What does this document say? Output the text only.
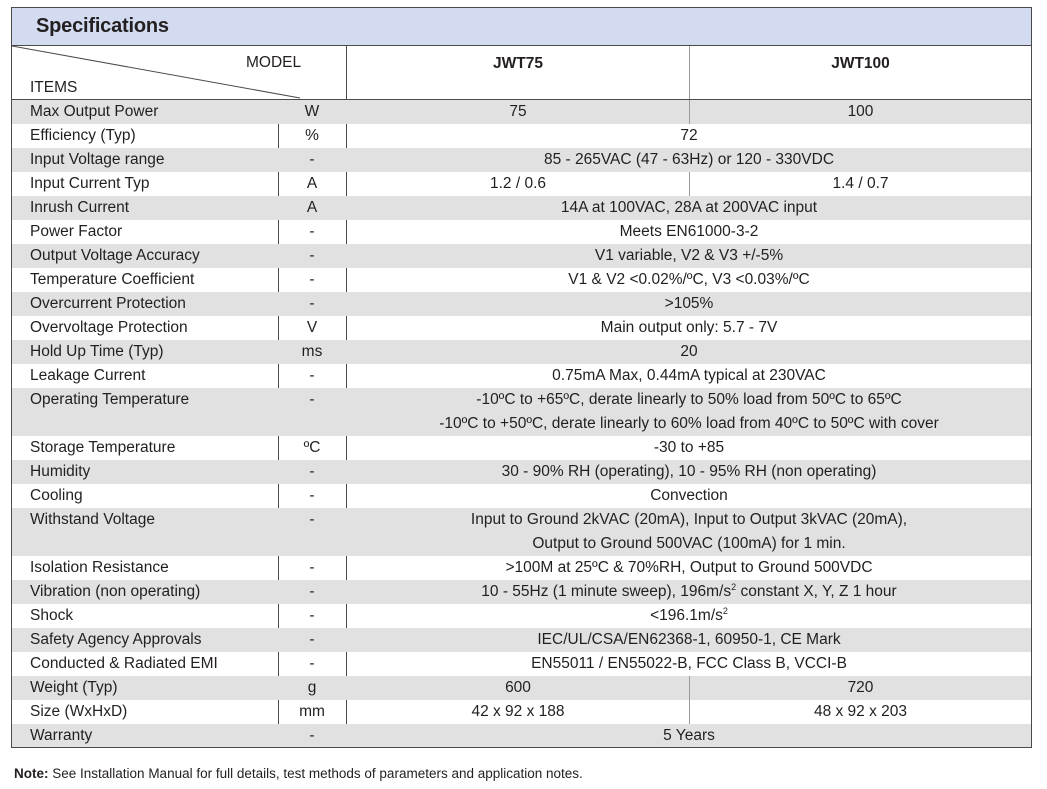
Specifications
MODEL
ITEMS
JWT75	JWT100
Max Output Power	W	75	100
Efficiency (Typ)	%	72
Input Voltage range	-	85 - 265VAC (47 - 63Hz) or 120 - 330VDC
Input Current Typ	A	1.2 / 0.6	1.4 / 0.7
Inrush Current	A	14A at 100VAC, 28A at 200VAC input
Power Factor	-	Meets EN61000-3-2
Output Voltage Accuracy	-	V1 variable, V2 & V3 +/-5%
Temperature Coefficient	-	V1 & V2 <0.02%/ºC, V3 <0.03%/ºC
Overcurrent Protection	-	>105%
Overvoltage Protection	V	Main output only: 5.7 - 7V
Hold Up Time (Typ)	ms	20
Leakage Current	-	0.75mA Max, 0.44mA typical at 230VAC
Operating Temperature	-	-10ºC to +65ºC, derate linearly to 50% load from 50ºC to 65ºC
-10ºC to +50ºC, derate linearly to 60% load from 40ºC to 50ºC with cover
Storage Temperature	ºC	-30 to +85
Humidity	-	30 - 90% RH (operating), 10 - 95% RH (non operating)
Cooling	-	Convection
Withstand Voltage	-	Input to Ground 2kVAC (20mA), Input to Output 3kVAC (20mA),
Output to Ground 500VAC (100mA) for 1 min.
Isolation Resistance	-	>100M at 25ºC & 70%RH, Output to Ground 500VDC
Vibration (non operating)	-	10 - 55Hz (1 minute sweep), $196m/s^2$ constant X, Y, Z 1 hour
Shock	-	$<196.1m/s^2$
Safety Agency Approvals	-	IEC/UL/CSA/EN62368-1, 60950-1, CE Mark
Conducted & Radiated EMI	-	EN55011 / EN55022-B, FCC Class B, VCCI-B
Weight (Typ)	g	600	720
Size (WxHxD)	mm	42 x 92 x 188	48 x 92 x 203
Warranty	-	5 Years
Note: See Installation Manual for full details, test methods of parameters and application notes.
